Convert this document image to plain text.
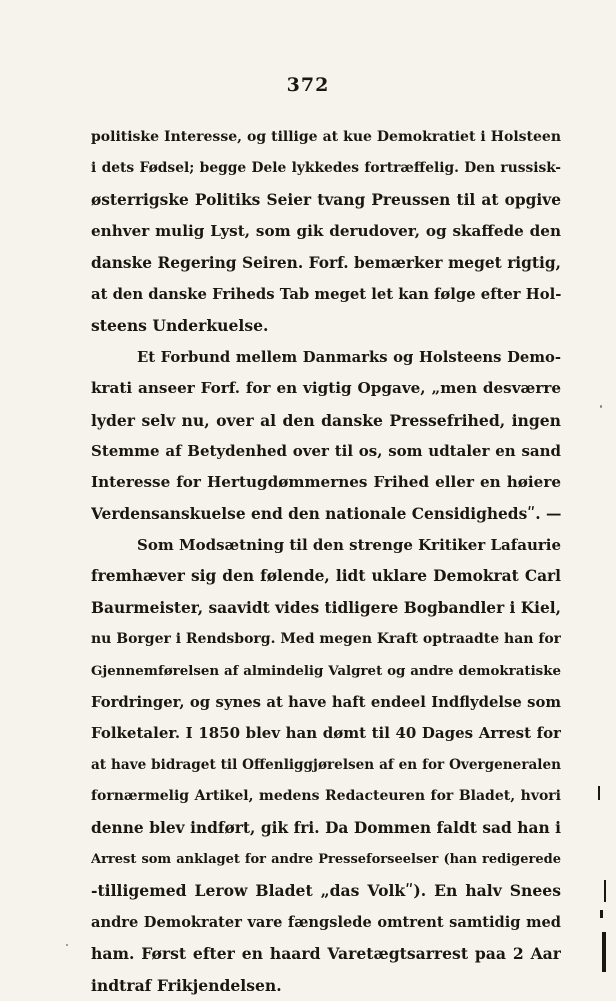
372
politiske Interesse, og tillige at kue Demokratiet i Holsteen
i dets Fødsel; begge Dele lykkedes fortræffelig. Den russisk-
østerrigske Politiks Seier tvang Preussen til at opgive
enhver mulig Lyst, som gik derudover, og skaffede den
danske Regering Seiren. Forf. bemærker meget rigtig,
at den danske Friheds Tab meget let kan følge efter Hol-
steens Underkuelse.
Et Forbund mellem Danmarks og Holsteens Demo-
krati anseer Forf. for en vigtig Opgave, „men desværre
lyder selv nu, over al den danske Pressefrihed, ingen
Stemme af Betydenhed over til os, som udtaler en sand
Interesse for Hertugdømmernes Frihed eller en høiere
Verdensanskuelse end den nationale Censidighedsʺ. —
Som Modsætning til den strenge Kritiker Lafaurie
fremhæver sig den følende, lidt uklare Demokrat Carl
Baurmeister, saavidt vides tidligere Bogbandler i Kiel,
nu Borger i Rendsborg. Med megen Kraft optraadte han for
Gjennemførelsen af almindelig Valgret og andre demokratiske
Fordringer, og synes at have haft endeel Indflydelse som
Folketaler. I 1850 blev han dømt til 40 Dages Arrest for
at have bidraget til Offenliggjørelsen af en for Overgeneralen
fornærmelig Artikel, medens Redacteuren for Bladet, hvori
denne blev indført, gik fri. Da Dommen faldt sad han i
Arrest som anklaget for andre Presseforseelser (han redigerede
-tilligemed Lerow Bladet „das Volkʺ). En halv Snees
andre Demokrater vare fængslede omtrent samtidig med
ham. Først efter en haard Varetægtsarrest paa 2 Aar
indtraf Frikjendelsen.
